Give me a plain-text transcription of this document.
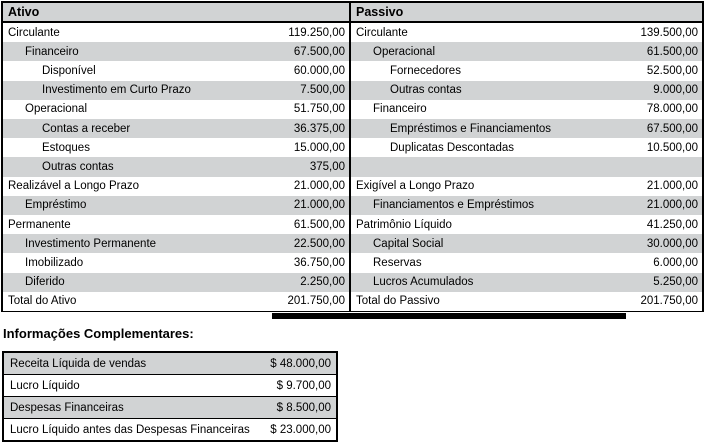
Ativo
Circulante	119.250,00
Financeiro	67.500,00
Disponível	60.000,00
Investimento em Curto Prazo	7.500,00
Operacional	51.750,00
Contas a receber	36.375,00
Estoques	15.000,00
Outras contas	375,00
Realizável a Longo Prazo	21.000,00
Empréstimo	21.000,00
Permanente	61.500,00
Investimento Permanente	22.500,00
Imobilizado	36.750,00
Diferido	2.250,00
Total do Ativo	201.750,00
Passivo
Circulante	139.500,00
Operacional	61.500,00
Fornecedores	52.500,00
Outras contas	9.000,00
Financeiro	78.000,00
Empréstimos e Financiamentos	67.500,00
Duplicatas Descontadas	10.500,00
Exigível a Longo Prazo	21.000,00
Financiamentos e Empréstimos	21.000,00
Patrimônio Líquido	41.250,00
Capital Social	30.000,00
Reservas	6.000,00
Lucros Acumulados	5.250,00
Total do Passivo	201.750,00
Informações Complementares:
Receita Líquida de vendas	$ 48.000,00
Lucro Líquido	$ 9.700,00
Despesas Financeiras	$ 8.500,00
Lucro Líquido antes das Despesas Financeiras	$ 23.000,00
